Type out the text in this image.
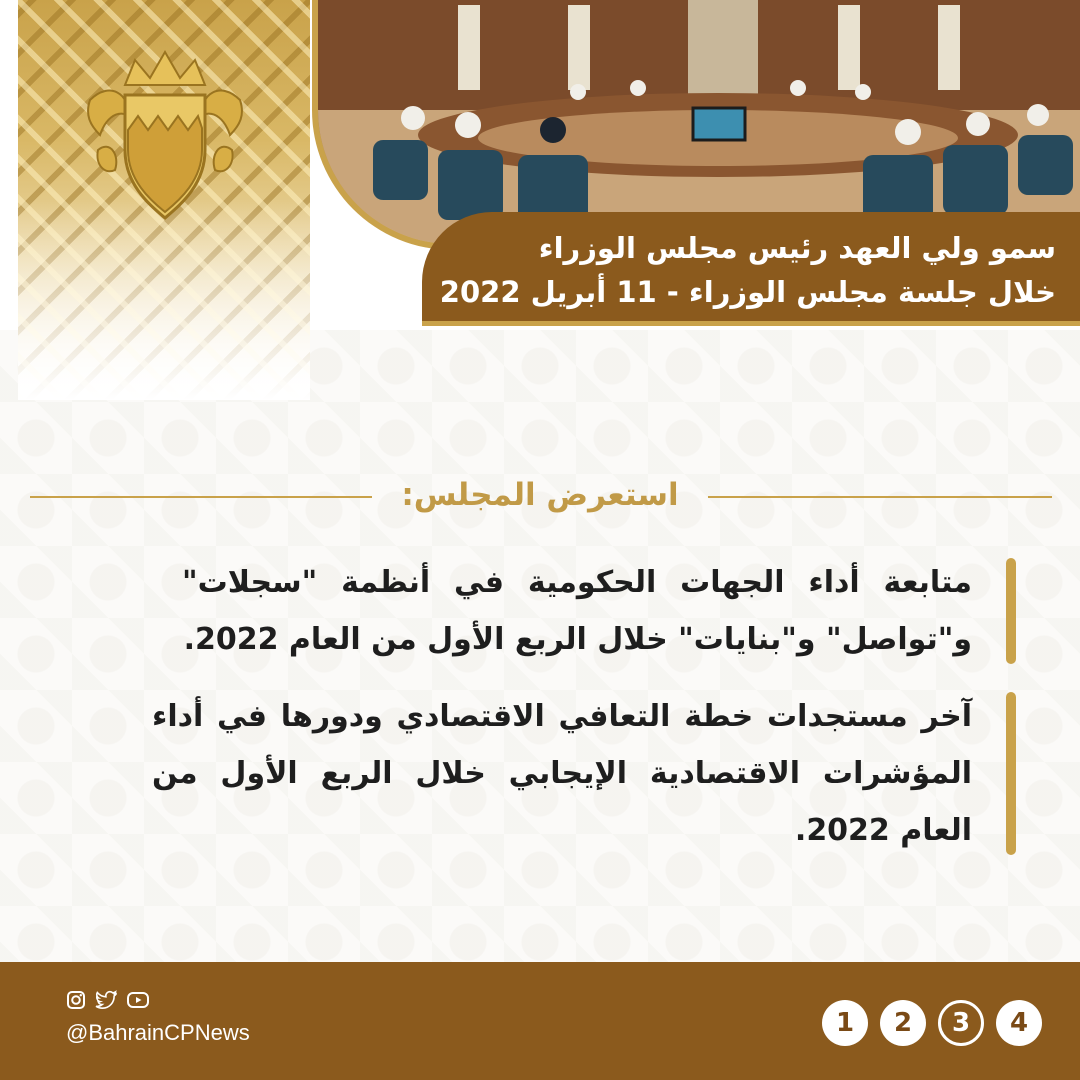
سمو ولي العهد رئيس مجلس الوزراء
خلال جلسة مجلس الوزراء - 11 أبريل 2022
استعرض المجلس:
متابعة أداء الجهات الحكومية في أنظمة "سجلات" و"تواصل" و"بنايات" خلال الربع الأول من العام 2022.
آخر مستجدات خطة التعافي الاقتصادي ودورها في أداء المؤشرات الاقتصادية الإيجابي خلال الربع الأول من العام 2022.
@BahrainCPNews	1	2	3	4
